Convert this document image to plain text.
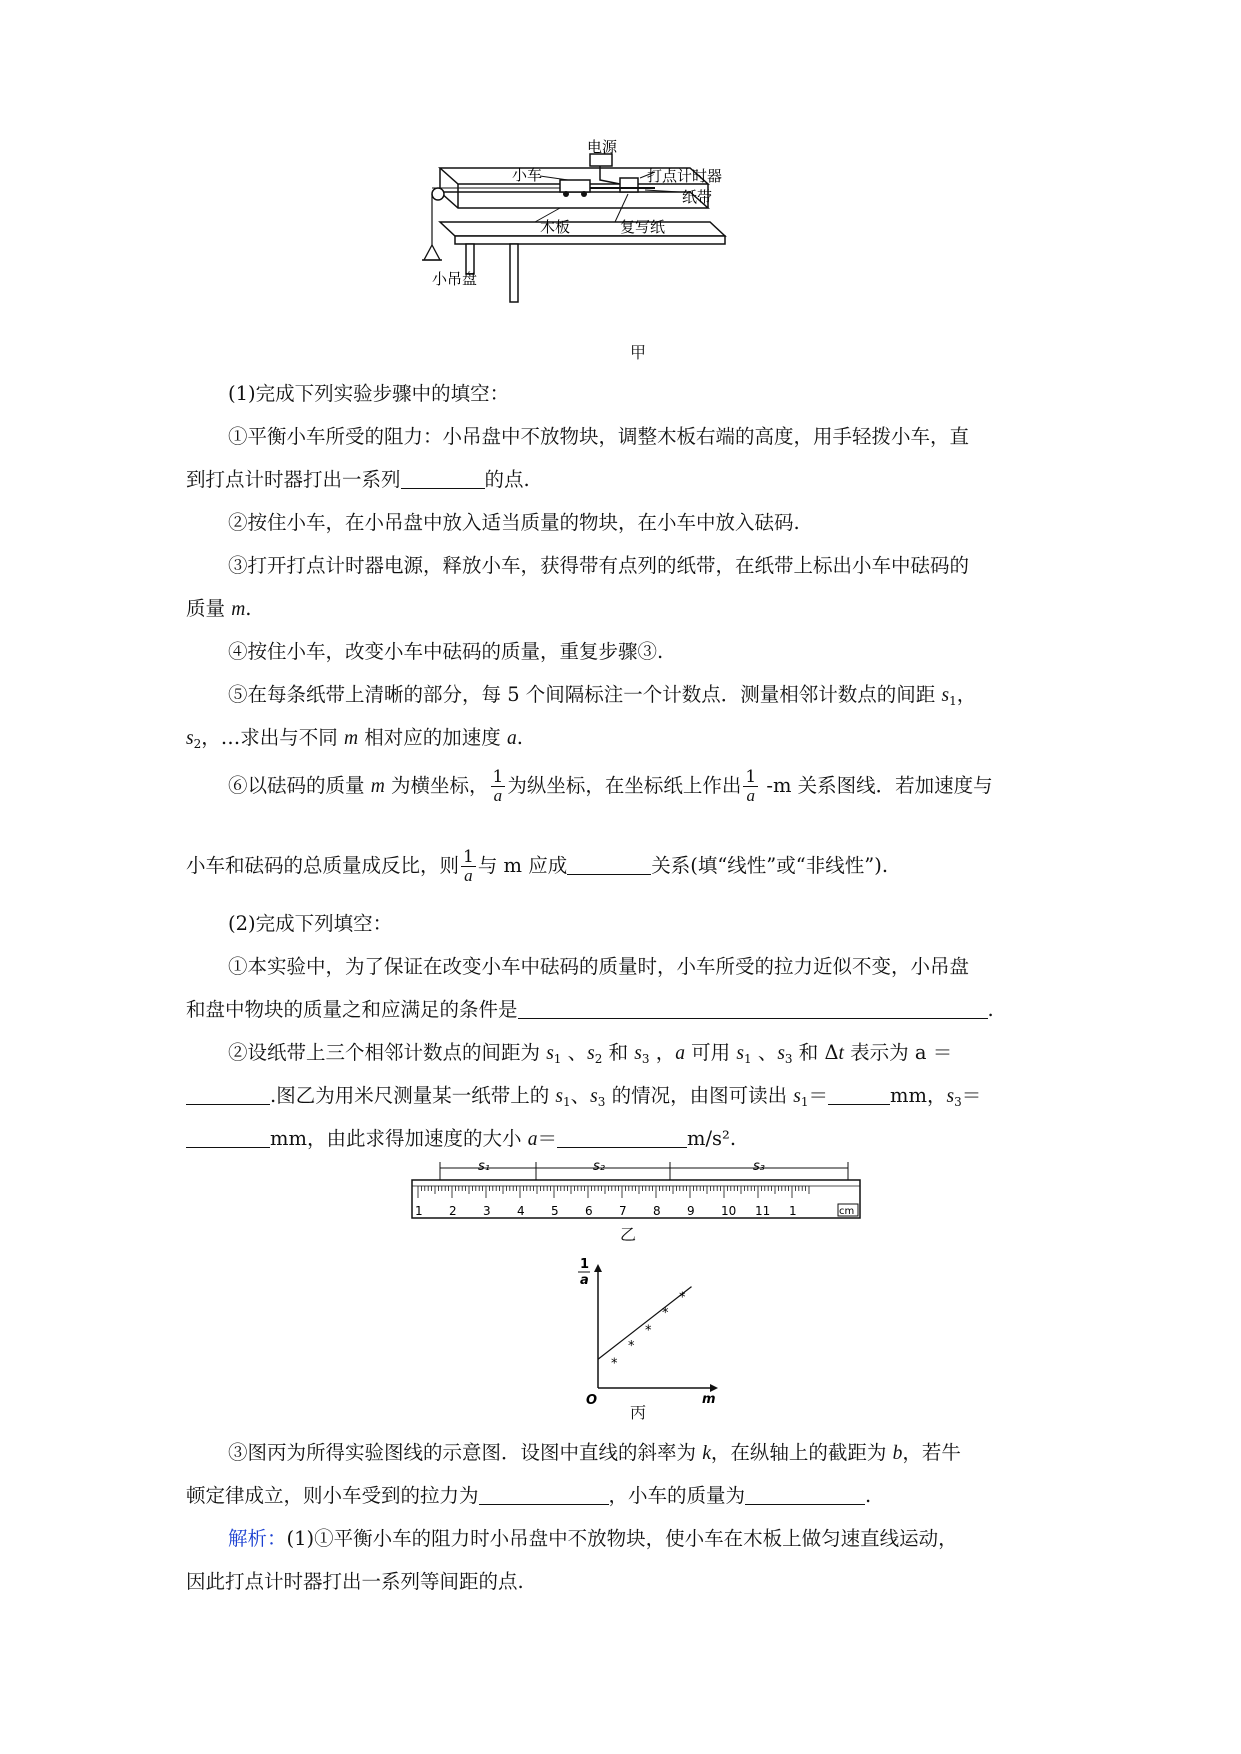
电源
小车	打点计时器
纸带
木板	复写纸
小吊盘
甲
(1)完成下列实验步骤中的填空：
①平衡小车所受的阻力：小吊盘中不放物块，调整木板右端的高度，用手轻拨小车，直
到打点计时器打出一系列	的点.
②按住小车，在小吊盘中放入适当质量的物块，在小车中放入砝码.
③打开打点计时器电源，释放小车，获得带有点列的纸带，在纸带上标出小车中砝码的
质量 m.
④按住小车，改变小车中砝码的质量，重复步骤③.
⑤在每条纸带上清晰的部分，每 5 个间隔标注一个计数点．测量相邻计数点的间距 $s_1$，
$s_2$，…求出与不同 m 相对应的加速度 a.
⑥以砝码的质量 m 为横坐标， $\frac{1}{a}$ 为纵坐标，在坐标纸上作出 $\frac{1}{a} -m$ 关系图线．若加速度与
小车和砝码的总质量成反比，则 $\frac{1}{a}$ 与 m 应成	关系(填“线性”或“非线性”).
(2)完成下列填空：
①本实验中，为了保证在改变小车中砝码的质量时，小车所受的拉力近似不变，小吊盘
和盘中物块的质量之和应满足的条件是	.
②设纸带上三个相邻计数点的间距为 $s_1$ 、$s_2$ 和 $s_3$ ，a 可用 $s_1$ 、$s_3$ 和 Δt 表示为 a ＝
.图乙为用米尺测量某一纸带上的 $s_1$、$s_3$ 的情况，由图可读出 $s_1=$	mm，$s_3=$
mm，由此求得加速度的大小 a＝	m/s².
s₁	s₂	s₃
1 2 3 4 5 6 7 8 9 10 11 1	cm
乙
1
a
m
O
*
*
*
*
*
丙
③图丙为所得实验图线的示意图．设图中直线的斜率为 k，在纵轴上的截距为 b，若牛
顿定律成立，则小车受到的拉力为	，小车的质量为	.
解析：(1)①平衡小车的阻力时小吊盘中不放物块，使小车在木板上做匀速直线运动，
因此打点计时器打出一系列等间距的点.
